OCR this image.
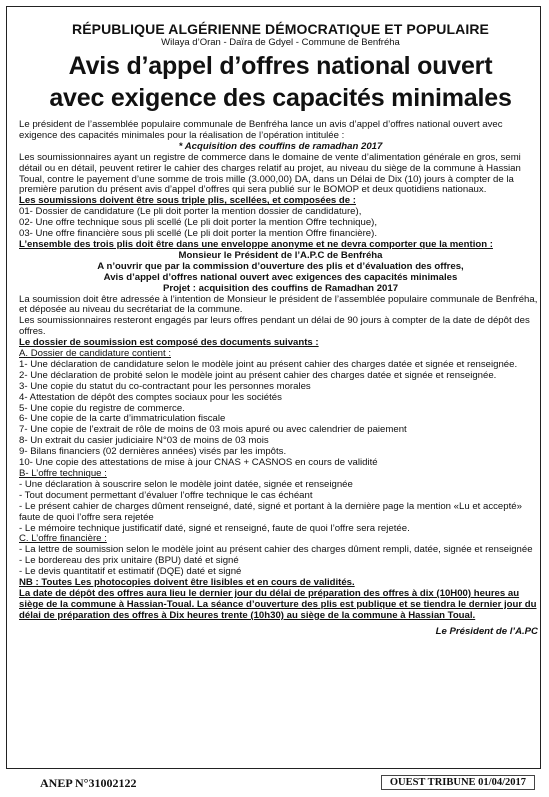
RÉPUBLIQUE ALGÉRIENNE DÉMOCRATIQUE ET POPULAIRE
Wilaya d’Oran - Daïra de Gdyel - Commune de Benfréha
Avis d’appel d’offres national ouvert
avec exigence des capacités minimales

Le président de l’assemblée populaire communale de Benfréha lance un avis d’appel d’offres national ouvert avec exigence des capacités minimales pour la réalisation de l’opération intitulée :

* Acquisition des couffins de ramadhan 2017

Les soumissionnaires ayant un registre de commerce dans le domaine de vente d’alimentation générale en gros, semi détail ou en détail, peuvent retirer le cahier des charges relatif au projet, au niveau du siège de la commune à Hassian Toual, contre le payement d’une somme de trois mille (3.000,00) DA, dans un Délai de Dix (10) jours à compter de la première parution du présent avis d’appel d’offres qui sera publié sur le BOMOP et deux quotidiens nationaux.

Les soumissions doivent être sous triple plis, scellées, et composées de :

01- Dossier de candidature (Le pli doit porter la mention dossier de candidature),

02- Une offre technique sous pli scellé (Le pli doit porter la mention Offre technique),

03- Une offre financière sous pli scellé (Le pli doit porter la mention Offre financière).

L’ensemble des trois plis doit être dans une enveloppe anonyme et ne devra comporter que la mention :

Monsieur le Président de l’A.P.C de Benfréha

A n’ouvrir que par la commission d’ouverture des plis et d’évaluation des offres,

Avis d’appel d’offres national ouvert avec exigences des capacités minimales

Projet : acquisition des couffins de Ramadhan 2017

La soumission doit être adressée à l’intention de Monsieur le président de l’assemblée populaire communale de Benfréha, et déposée au niveau du secrétariat de la commune.

Les soumissionnaires resteront engagés par leurs offres pendant un délai de 90 jours à compter de la date de dépôt des offres.

Le dossier de soumission est composé des documents suivants :

A. Dossier de candidature contient :

1- Une déclaration de candidature selon le modèle joint au présent cahier des charges datée et signée et renseignée.

2- Une déclaration de probité selon le modèle joint au présent cahier des charges datée et signée et renseignée.

3- Une copie du statut du co-contractant pour les personnes morales

4- Attestation de dépôt des comptes sociaux pour les sociétés

5- Une copie du registre de commerce.

6- Une copie de la carte d’immatriculation fiscale

7- Une copie de l’extrait de rôle de moins de 03 mois apuré ou avec calendrier de paiement

8- Un extrait du casier judiciaire N°03 de moins de 03 mois

9- Bilans financiers (02 dernières années) visés par les impôts.

10- Une copie des attestations de mise à jour CNAS + CASNOS en cours de validité

B- L’offre technique :

- Une déclaration à souscrire selon le modèle joint datée, signée et renseignée

- Tout document permettant d’évaluer l’offre technique le cas échéant

- Le présent cahier de charges dûment renseigné, daté, signé et portant à la dernière page la mention «Lu et accepté» faute de quoi l’offre sera rejetée

- Le mémoire technique justificatif daté, signé et renseigné, faute de quoi l’offre sera rejetée.

C. L’offre financière :

- La lettre de soumission selon le modèle joint au présent cahier des charges dûment rempli, datée, signée et renseignée

- Le bordereau des prix unitaire (BPU) daté et signé

- Le devis quantitatif et estimatif (DQE) daté et signé

NB : Toutes Les photocopies doivent être lisibles et en cours de validités.

La date de dépôt des offres aura lieu le dernier jour du délai de préparation des offres à dix (10H00) heures au siège de la commune à Hassian-Toual. La séance d’ouverture des plis est publique et se tiendra le dernier jour du délai de préparation des offres à Dix heures trente (10h30) au siège de la commune à Hassian Toual.

Le Président de l’A.PC
ANEP N°31002122	OUEST TRIBUNE 01/04/2017
